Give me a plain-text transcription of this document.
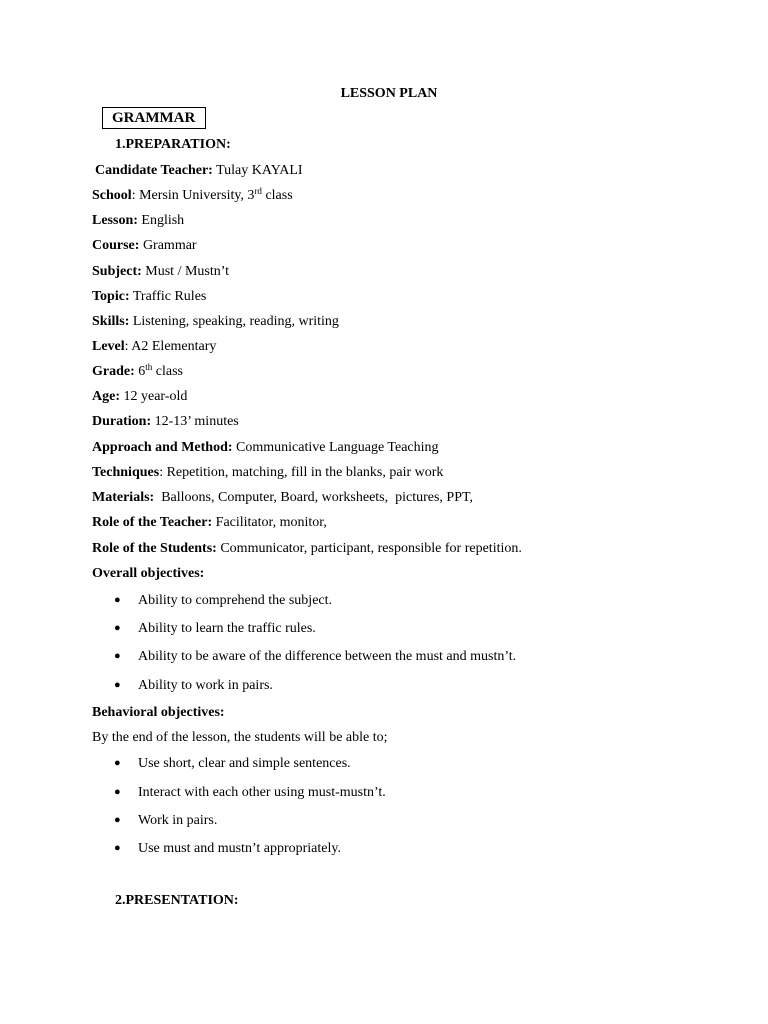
LESSON PLAN
GRAMMAR
1.PREPARATION:
Candidate Teacher: Tulay KAYALI
School: Mersin University, 3rd class
Lesson: English
Course: Grammar
Subject: Must / Mustn’t
Topic: Traffic Rules
Skills: Listening, speaking, reading, writing
Level: A2 Elementary
Grade: 6th class
Age: 12 year-old
Duration: 12-13’ minutes
Approach and Method: Communicative Language Teaching
Techniques: Repetition, matching, fill in the blanks, pair work
Materials:  Balloons, Computer, Board, worksheets,  pictures, PPT,
Role of the Teacher: Facilitator, monitor,
Role of the Students: Communicator, participant, responsible for repetition.
Overall objectives:
● Ability to comprehend the subject.
● Ability to learn the traffic rules.
● Ability to be aware of the difference between the must and mustn’t.
● Ability to work in pairs.
Behavioral objectives:
By the end of the lesson, the students will be able to;
● Use short, clear and simple sentences.
● Interact with each other using must-mustn’t.
● Work in pairs.
● Use must and mustn’t appropriately.
2.PRESENTATION:
